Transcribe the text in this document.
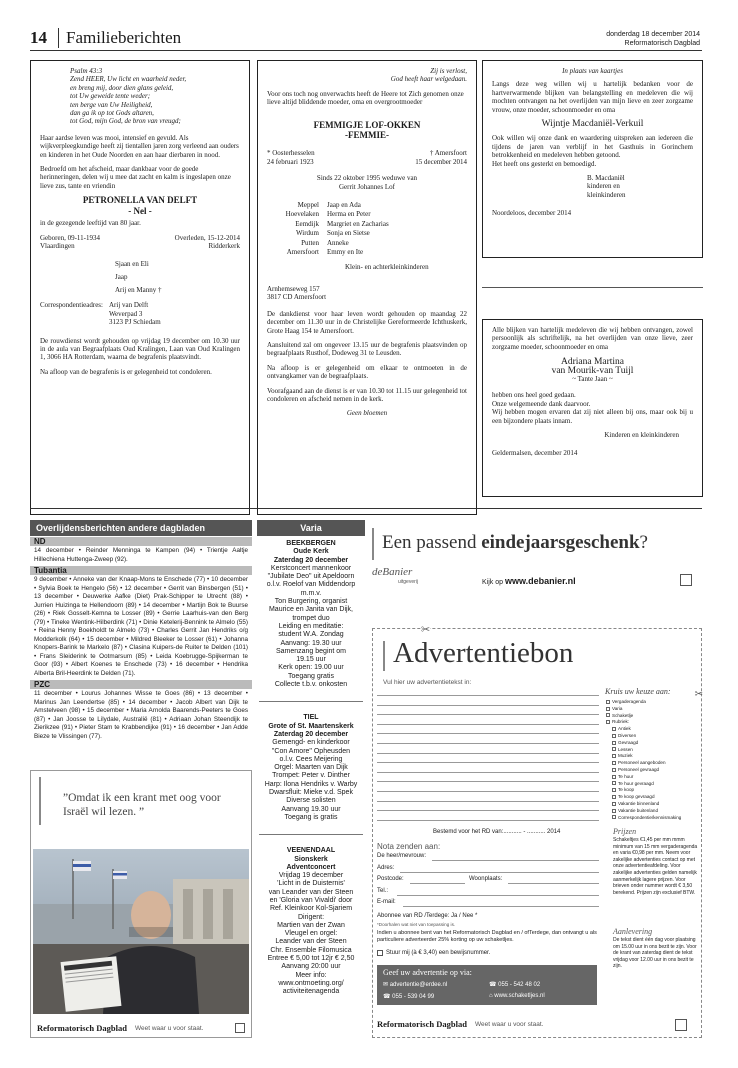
14 Familieberichten	donderdag 18 december 2014
Reformatorisch Dagblad
Psalm 43:3
Zend HEER, Uw licht en waarheid neder,
en breng mij, door dien glans geleid,
tot Uw geweide tente weder;
ten berge van Uw Heiligheid,
dan ga ik op tot Gods altaren,
tot God, mijn God, de bron van vreugd;

Haar aardse leven was mooi, intensief en gevuld. Als wijkverpleegkundige heeft zij tientallen jaren zorg verleend aan ouders en kinderen in het Oude Noorden en aan haar dierbaren in nood.

Bedroefd om het afscheid, maar dankbaar voor de goede herinneringen, delen wij u mee dat zacht en kalm is ingeslapen onze lieve zus, tante en vriendin

PETRONELLA VAN DELFT
- Nel -

in de gezegende leeftijd van 80 jaar.

Geboren, 09-11-1934	Overleden, 15-12-2014
Vlaardingen	Ridderkerk
Sjaan en Eli
Jaap
Arij en Manny †
Correspondentieadres: Arij van Delft
Weverpad 3
3123 PJ Schiedam

De rouwdienst wordt gehouden op vrijdag 19 december om 10.30 uur in de aula van Begraafplaats Oud Kralingen, Laan van Oud Kralingen 1, 3066 HA Rotterdam, waarna de begrafenis plaatsvindt.

Na afloop van de begrafenis is er gelegenheid tot condoleren.

Zij is verlost,
God heeft haar welgedaan.

Voor ons toch nog onverwachts heeft de Heere tot Zich genomen onze lieve altijd bliddende moeder, oma en overgrootmoeder

FEMMIGJE LOF-OKKEN
-FEMMIE-
* Oosterhesselen	† Amersfoort
24 februari 1923	15 december 2014
Sinds 22 oktober 1995 weduwe van
Gerrit Johannes Lof
Meppel Jaap en Ada
Hoevelaken Herma en Peter
Eemdijk Margriet en Zacharias
Wirdum Sonja en Sietse
Putten Anneke
Amersfoort Emmy en Ite
Klein- en achterkleinkinderen
Arnhemseweg 157
3817 CD Amersfoort

De dankdienst voor haar leven wordt gehouden op maandag 22 december om 11.30 uur in de Christelijke Gereformeerde Ichthuskerk, Grote Haag 154 te Amersfoort.

Aansluitend zal om ongeveer 13.15 uur de begrafenis plaatsvinden op begraafplaats Rusthof, Dodeweg 31 te Leusden.

Na afloop is er gelegenheid om elkaar te ontmoeten in de ontvangkamer van de begraafplaats.

Voorafgaand aan de dienst is er van 10.30 tot 11.15 uur gelegenheid tot condoleren en afscheid nemen in de kerk.

Geen bloemen
In plaats van kaartjes

Langs deze weg willen wij u hartelijk bedanken voor de hartverwarmende blijken van belangstelling en medeleven die wij mochten ontvangen na het overlijden van mijn lieve en zeer zorgzame vrouw, onze moeder, schoonmoeder en oma

Wijntje Macdaniël-Verkuil

Ook willen wij onze dank en waardering uitspreken aan iedereen die tijdens de jaren van verblijf in het Gasthuis in Gorinchem betrokkenheid en medeleven hebben getoond.

Het heeft ons gesterkt en bemoedigd.

B. Macdaniël
kinderen en
kleinkinderen
Noordeloos, december 2014

Alle blijken van hartelijk medeleven die wij hebben ontvangen, zowel persoonlijk als schriftelijk, na het overlijden van onze lieve, zeer zorgzame moeder, schoonmoeder en oma

Adriana Martina
van Mourik-van Tuijl
~ Tante Jaan ~
hebben ons heel goed gedaan.
Onze welgemeende dank daarvoor.

Wij hebben mogen ervaren dat zij niet alleen bij ons, maar ook bij u een bijzondere plaats innam.

Kinderen en kleinkinderen
Geldermalsen, december 2014
Overlijdensberichten andere dagbladen
ND
14 december • Reinder Menninga te Kampen (94) • Trientje Aaltje Hillechiena Huttenga-Zweep (92).
Tubantia
9 december • Anneke van der Knaap-Mons te Enschede (77) • 10 december • Sylvia Boek te Hengelo (56) • 12 december • Gerrit van Binsbergen (51) • 13 december • Deuwerke Aafke (Diet) Prak-Schipper te Utrecht (88) • Jurrien Huizinga te Hellendoorn (89) • 14 december • Martijn Bok te Buurse (26) • Riek Gosselt-Kemna te Losser (89) • Gerrie Laarhuis-van den Berg (79) • Tineke Wentink-Hilberdink (71) • Dinie Ketelerij-Bennink te Almelo (55) • Reina Henny Boekholdt te Almelo (73) • Charles Gerrit Jan Hendriks o/g Modderkolk (64) • 15 december • Mildred Bleeker te Losser (61) • Johanna Knopers-Barink te Markelo (87) • Clasina Kuipers-de Ruiter te Delden (101) • Frans Sleiderink te Ootmarsum (85) • Leida Koebrugge-Spijkerman te Goor (93) • Albert Koenes te Enschede (73) • 16 december • Hendrika Alberta Bril-Heerdink te Delden (71).
PZC
11 december • Lourus Johannes Wisse te Goes (86) • 13 december • Marinus Jan Leendertse (85) • 14 december • Jacob Albert van Dijk te Amstelveen (98) • 15 december • Maria Arnolda Baarends-Peeters te Goes (87) • Jan Joosse te Lilydale, Australië (81) • Adriaan Johan Steendijk te Zierikzee (91) • Pieter Stam te Krabbendijke (91) • 16 december • Jan Adde Bieze te Vlissingen (77).
”Omdat ik een krant met oog voor Israël wil lezen. ”
Reformatorisch Dagblad Weet waar u voor staat.
Varia
BEEKBERGEN
Oude Kerk
Zaterdag 20 december
Kerstconcert mannenkoor
"Jubilate Deo" uit Apeldoorn
o.l.v. Roelof van Middendorp
m.m.v.
Ton Burgering, organist
Maurice en Janita van Dijk,
trompet duo
Leiding en meditatie:
student W.A. Zondag
Aanvang: 19.30 uur
Samenzang begint om
19.15 uur
Kerk open: 19.00 uur
Toegang gratis
Collecte t.b.v. onkosten
TIEL
Grote of St. Maartenskerk
Zaterdag 20 december
Gemengd- en kinderkoor
"Con Amore" Opheusden
o.l.v. Cees Meijering
Orgel: Maarten van Dijk
Trompet: Peter v. Dinther
Harp: Ilona Hendriks v. Warby
Dwarsfluit: Mieke v.d. Spek
Diverse solisten
Aanvang 19.30 uur
Toegang is gratis
VEENENDAAL
Sionskerk
Adventconcert
Vrijdag 19 december
'Licht in de Duisternis'
van Leander van der Steen
en 'Gloria van Vivaldi' door
Ref. Kleinkoor Kol-Sjariem
Dirigent:
Martien van der Zwan
Vleugel en orgel:
Leander van der Steen
Chr. Ensemble Filomusica
Entree € 5,00 tot 12jr € 2,50
Aanvang 20:00 uur
Meer info:
www.ontmoeting.org/
activiteitenagenda
Een passend eindejaarsgeschenk?
deBanier
uitgeverij	Kijk op www.debanier.nl
✂
Advertentiebon
Vul hier uw advertentietekst in:
Kruis uw keuze aan:
Vergaderagenda
Varia
Schaketlje
Rubriek:
Antiek
Diversen
Gevraagd
Lessen
Muziek
Personeel aangeboden
Personeel gevraagd
Te huur
Te huur gevraagd
Te koop
Te koop gevraagd
Vakantie binnenland
Vakantie buitenland
Correspondentie/kennismaking
✂
Bestemd voor het RD van:........... - ........... 2014
Nota zenden aan:
Abonnee van RD /Terdege: Ja / Nee *
*Doorhalen wat niet van toepassing is.
Indien u abonnee bent van het Reformatorisch Dagblad en / ofTerdege, dan ontvangt u als particuliere adverteerder 25% korting op uw schaketljes.
Stuur mij (à € 3,40) een bewijsnummer.
Geef uw advertentie op via:
✉ advertentie@erdee.nl	☎ 055 - 542 48 02
☎ 055 - 539 04 99	⌂ www.schaketljes.nl
Prijzen
Schakeltjes €1,45 per mm mmm minimum van 15 mm vergaderagenda en varia €0,98 per mm. Neem voor zakelijke advertenties contact op met onze advertentieafdeling. Voor zakelijke advertenties gelden namelijk aanmerkelijk lagere prijzen. Voor brieven onder nummer wordt € 3,50 berekend. Prijzen zijn exclusief BTW.
Aanlevering
De tekst dient één dag voor plaatsing om 15.00 uur in ons bezit te zijn. Voor de krant van zaterdag dient de tekst vrijdag voor 12.00 uur in ons bezit te zijn.
Reformatorisch Dagblad Weet waar u voor staat.
De heer/mevrouw:
Adres:
Postcode:	Woonplaats:
Tel.:
E-mail:
